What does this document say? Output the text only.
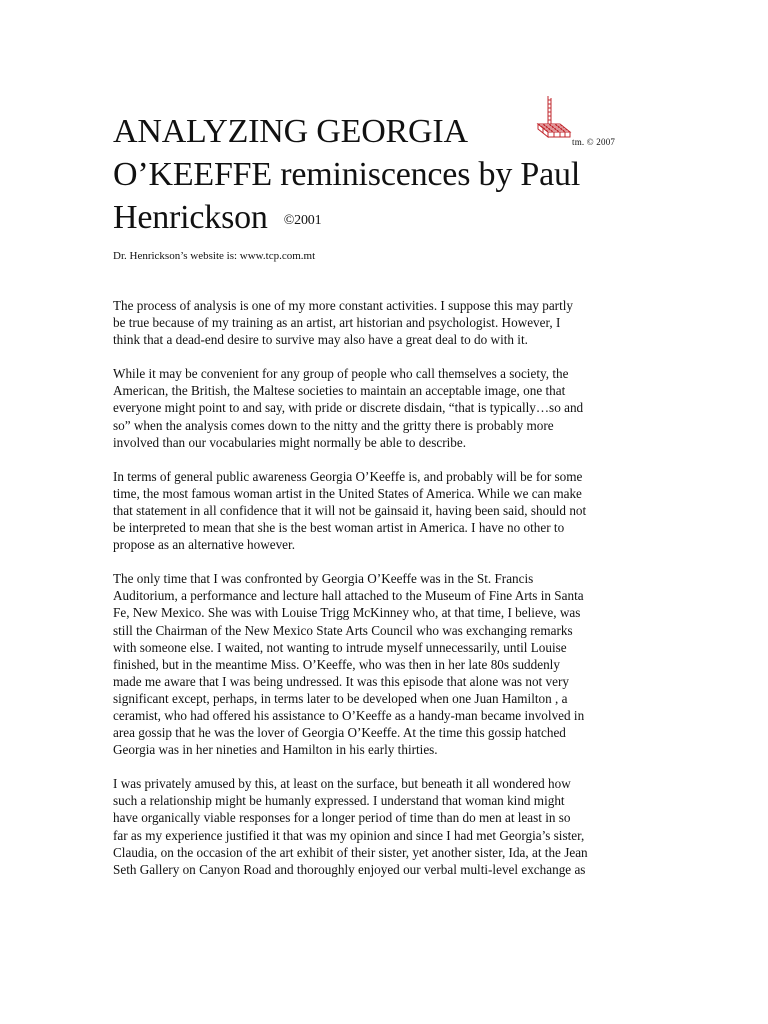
tm. © 2007
ANALYZING GEORGIA
O’KEEFFE reminiscences by Paul
Henrickson ©2001
Dr. Henrickson’s website is: www.tcp.com.mt

The process of analysis is one of my more constant activities. I suppose this may partly
be true because of my training as an artist, art historian and psychologist. However, I
think that a dead-end desire to survive may also have a great deal to do with it.

While it may be convenient for any group of people who call themselves a society, the
American, the British, the Maltese societies to maintain an acceptable image, one that
everyone might point to and say, with pride or discrete disdain, “that is typically…so and
so” when the analysis comes down to the nitty and the gritty there is probably more
involved than our vocabularies might normally be able to describe.

In terms of general public awareness Georgia O’Keeffe is, and probably will be for some
time, the most famous woman artist in the United States of America. While we can make
that statement in all confidence that it will not be gainsaid it, having been said, should not
be interpreted to mean that she is the best woman artist in America. I have no other to
propose as an alternative however.

The only time that I was confronted by Georgia O’Keeffe was in the St. Francis
Auditorium, a performance and lecture hall attached to the Museum of Fine Arts in Santa
Fe, New Mexico. She was with Louise Trigg McKinney who, at that time, I believe, was
still the Chairman of the New Mexico State Arts Council who was exchanging remarks
with someone else. I waited, not wanting to intrude myself unnecessarily, until Louise
finished, but in the meantime Miss. O’Keeffe, who was then in her late 80s suddenly
made me aware that I was being undressed. It was this episode that alone was not very
significant except, perhaps, in terms later to be developed when one Juan Hamilton , a
ceramist, who had offered his assistance to O’Keeffe as a handy-man became involved in
area gossip that he was the lover of Georgia O’Keeffe. At the time this gossip hatched
Georgia was in her nineties and Hamilton in his early thirties.

I was privately amused by this, at least on the surface, but beneath it all wondered how
such a relationship might be humanly expressed. I understand that woman kind might
have organically viable responses for a longer period of time than do men at least in so
far as my experience justified it that was my opinion and since I had met Georgia’s sister,
Claudia, on the occasion of the art exhibit of their sister, yet another sister, Ida, at the Jean
Seth Gallery on Canyon Road and thoroughly enjoyed our verbal multi-level exchange as
